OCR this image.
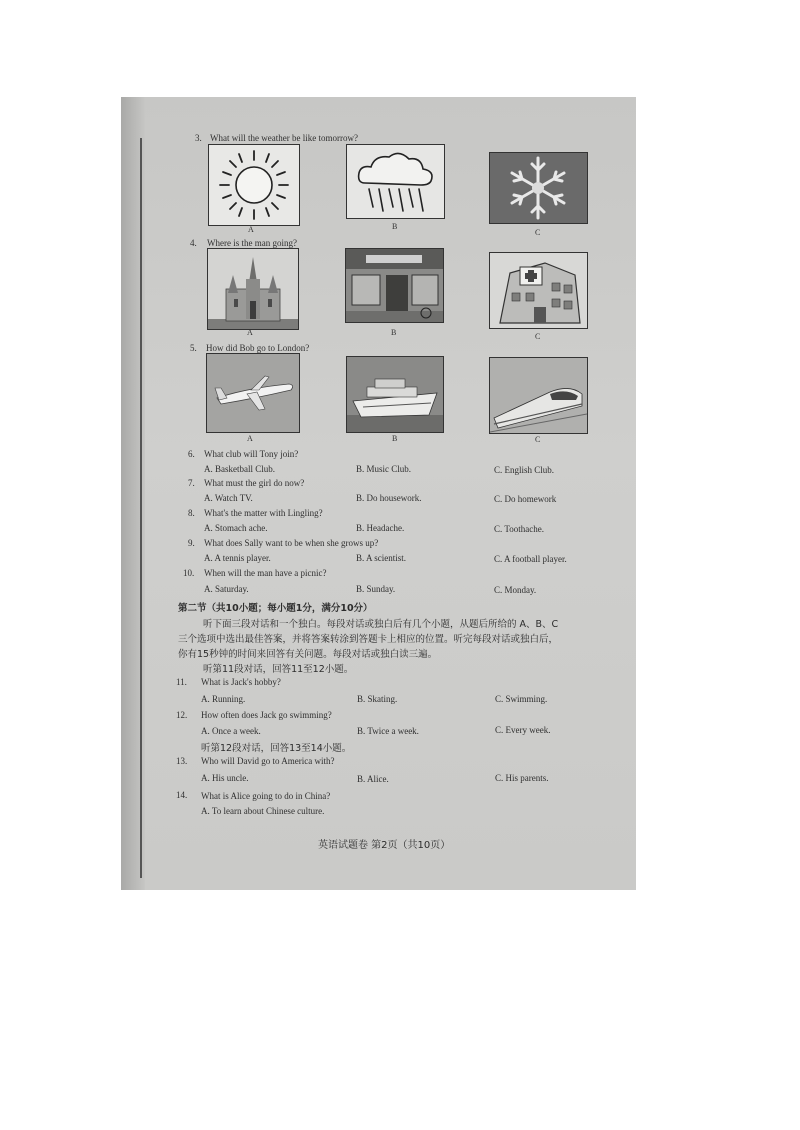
3. What will the weather be like tomorrow?
A	B
C
4. Where is the man going?
A	B	C
5. How did Bob go to London?
A	B	C
6. What club will Tony join?
A. Basketball Club.	B. Music Club.	C. English Club.
7. What must the girl do now?
A. Watch TV.	B. Do housework.	C. Do homework
8. What's the matter with Lingling?
A. Stomach ache.	B. Headache.	C. Toothache.
9. What does Sally want to be when she grows up?
A. A tennis player.	B. A scientist.	C. A football player.
10. When will the man have a picnic?
A. Saturday.	B. Sunday.	C. Monday.
第二节（共10小题；每小题1分，满分10分）
听下面三段对话和一个独白。每段对话或独白后有几个小题，从题后所给的 A、B、C
三个选项中选出最佳答案，并将答案转涂到答题卡上相应的位置。听完每段对话或独白后，
你有15秒钟的时间来回答有关问题。每段对话或独白读三遍。
听第11段对话，回答11至12小题。
11. What is Jack's hobby?
A. Running.	B. Skating.	C. Swimming.
12. How often does Jack go swimming?
A. Once a week.	B. Twice a week.	C. Every week.
听第12段对话，回答13至14小题。
13. Who will David go to America with?
A. His uncle.	B. Alice.	C. His parents.
14. What is Alice going to do in China?
A. To learn about Chinese culture.
英语试题卷 第2页（共10页）
